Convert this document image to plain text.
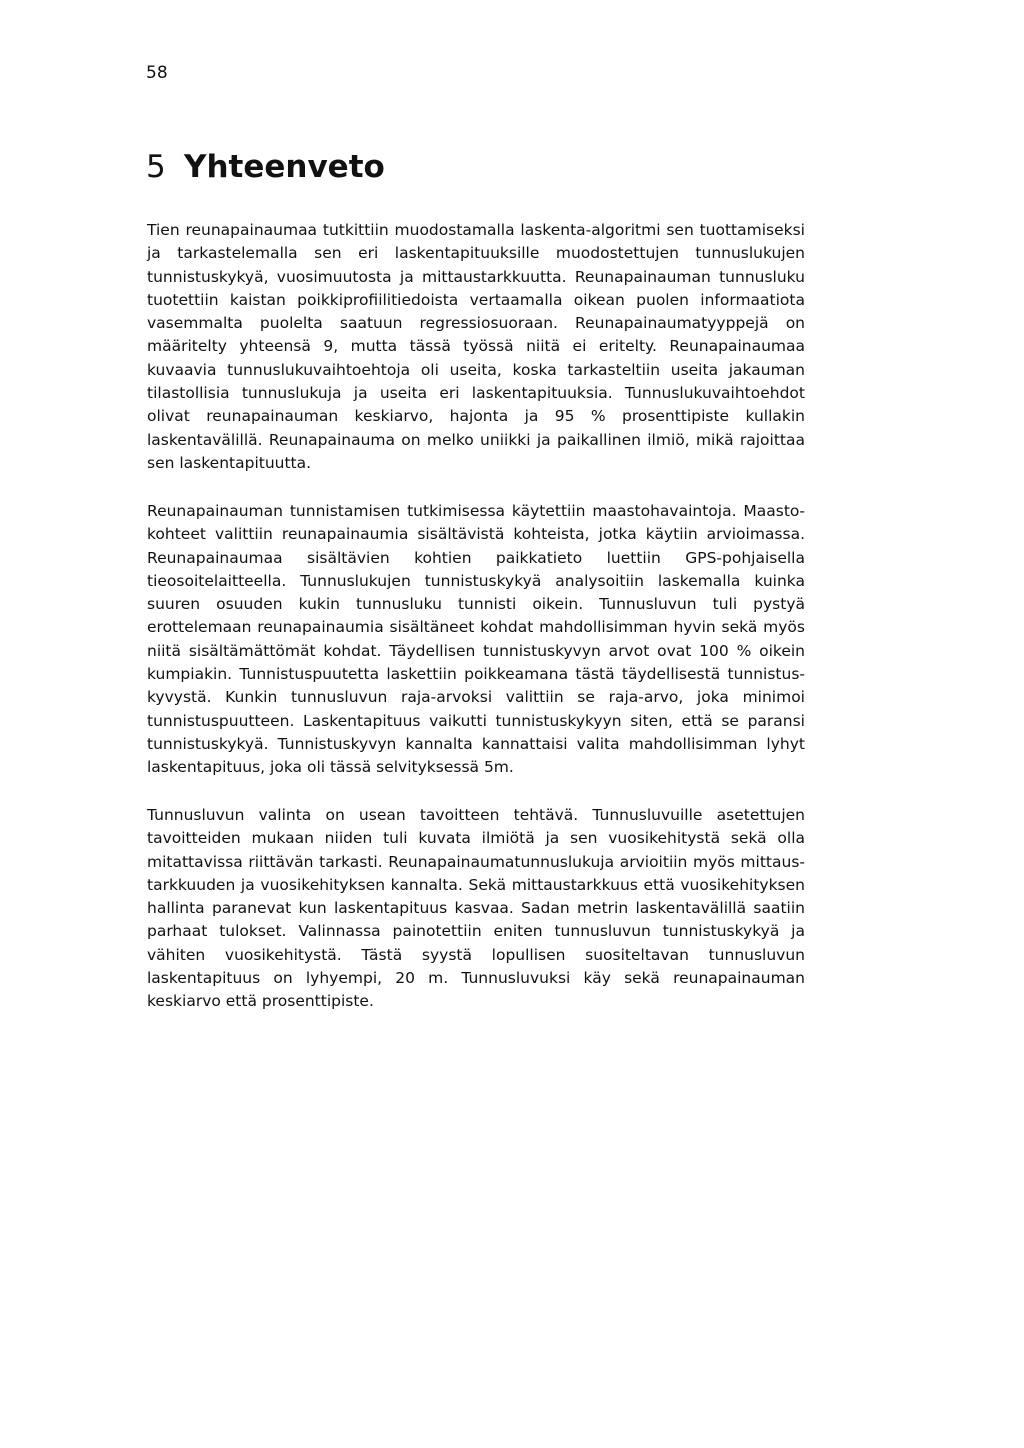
58
5 Yhteenveto

Tien reunapainaumaa tutkittiin muodostamalla laskenta-algoritmi sen tuottamiseksi ja tarkastelemalla sen eri laskentapituuksille muodostettujen tunnuslukujen tunnistuskykyä, vuosimuutosta ja mittaustarkkuutta. Reunapainauman tunnusluku tuotettiin kaistan poikkiprofiilitiedoista vertaamalla oikean puolen informaatiota vasemmalta puolelta saatuun regressiosuoraan. Reunapainaumatyyppejä on määritelty yhteensä 9, mutta tässä työssä niitä ei eritelty. Reunapainaumaa kuvaavia tunnuslukuvaihtoehtoja oli useita, koska tarkasteltiin useita jakauman tilastollisia tunnuslukuja ja useita eri laskentapituuksia. Tunnuslukuvaihtoehdot olivat reunapainauman keskiarvo, hajonta ja 95 % prosenttipiste kullakin laskentavälillä. Reunapainauma on melko uniikki ja paikallinen ilmiö, mikä rajoittaa sen laskentapituutta.

Reunapainauman tunnistamisen tutkimisessa käytettiin maastohavaintoja. Maastokohteet valittiin reunapainaumia sisältävistä kohteista, jotka käytiin arvioimassa. Reunapainaumaa sisältävien kohtien paikkatieto luettiin GPS-pohjaisella tieosoitelaitteella. Tunnuslukujen tunnistuskykyä analysoitiin laskemalla kuinka suuren osuuden kukin tunnusluku tunnisti oikein. Tunnusluvun tuli pystyä erottelemaan reunapainaumia sisältäneet kohdat mahdollisimman hyvin sekä myös niitä sisältämättömät kohdat. Täydellisen tunnistuskyvyn arvot ovat 100 % oikein kumpiakin. Tunnistuspuutetta laskettiin poikkeamana tästä täydellisestä tunnistuskyvystä. Kunkin tunnusluvun raja-arvoksi valittiin se raja-arvo, joka minimoi tunnistuspuutteen. Laskentapituus vaikutti tunnistuskykyyn siten, että se paransi tunnistuskykyä. Tunnistuskyvyn kannalta kannattaisi valita mahdollisimman lyhyt laskentapituus, joka oli tässä selvityksessä 5m.

Tunnusluvun valinta on usean tavoitteen tehtävä. Tunnusluvuille asetettujen tavoitteiden mukaan niiden tuli kuvata ilmiötä ja sen vuosikehitystä sekä olla mitattavissa riittävän tarkasti. Reunapainaumatunnuslukuja arvioitiin myös mittaustarkkuuden ja vuosikehityksen kannalta. Sekä mittaustarkkuus että vuosikehityksen hallinta paranevat kun laskentapituus kasvaa. Sadan metrin laskentavälillä saatiin parhaat tulokset. Valinnassa painotettiin eniten tunnusluvun tunnistuskykyä ja vähiten vuosikehitystä. Tästä syystä lopullisen suositeltavan tunnusluvun laskentapituus on lyhyempi, 20 m. Tunnusluvuksi käy sekä reunapainauman keskiarvo että prosenttipiste.
